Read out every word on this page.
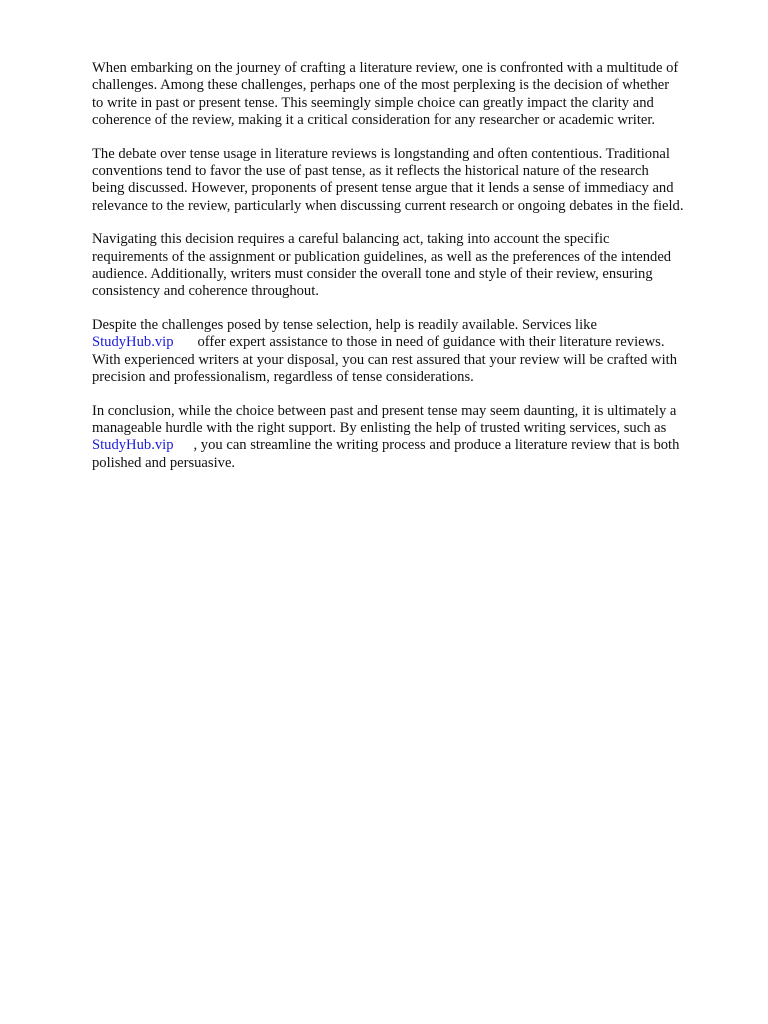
When embarking on the journey of crafting a literature review, one is confronted with a multitude of
challenges. Among these challenges, perhaps one of the most perplexing is the decision of whether
to write in past or present tense. This seemingly simple choice can greatly impact the clarity and
coherence of the review, making it a critical consideration for any researcher or academic writer.

The debate over tense usage in literature reviews is longstanding and often contentious. Traditional
conventions tend to favor the use of past tense, as it reflects the historical nature of the research
being discussed. However, proponents of present tense argue that it lends a sense of immediacy and
relevance to the review, particularly when discussing current research or ongoing debates in the field.

Navigating this decision requires a careful balancing act, taking into account the specific
requirements of the assignment or publication guidelines, as well as the preferences of the intended
audience. Additionally, writers must consider the overall tone and style of their review, ensuring
consistency and coherence throughout.

Despite the challenges posed by tense selection, help is readily available. Services like
StudyHub.vip offer expert assistance to those in need of guidance with their literature reviews.
With experienced writers at your disposal, you can rest assured that your review will be crafted with
precision and professionalism, regardless of tense considerations.

In conclusion, while the choice between past and present tense may seem daunting, it is ultimately a
manageable hurdle with the right support. By enlisting the help of trusted writing services, such as
StudyHub.vip , you can streamline the writing process and produce a literature review that is both
polished and persuasive.
